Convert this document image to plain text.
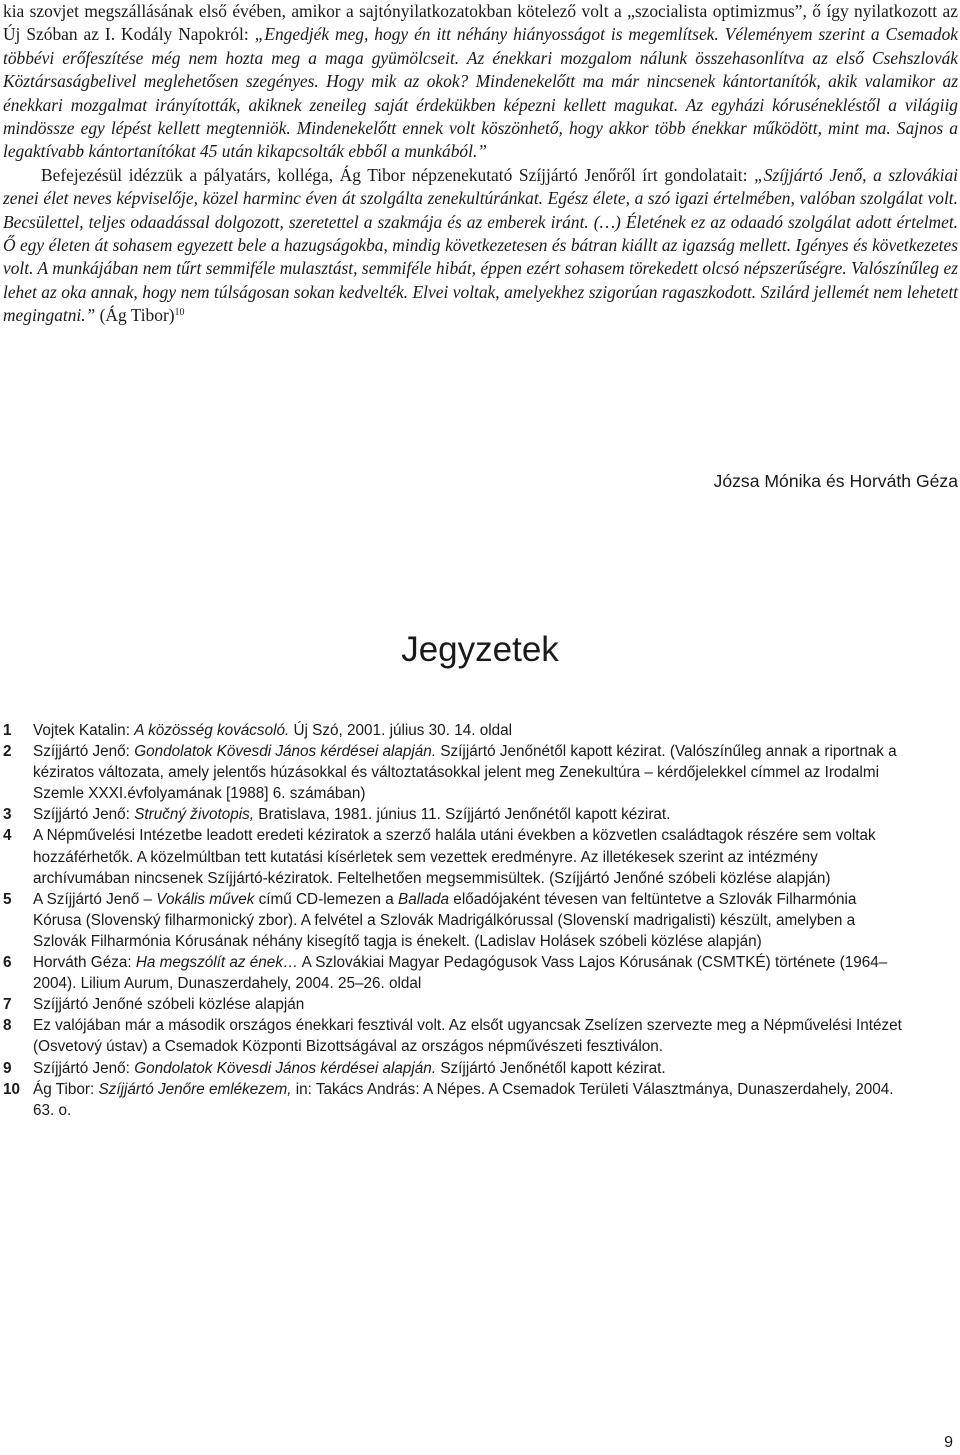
kia szovjet megszállásának első évében, amikor a sajtónyilatkozatokban kötelező volt a „szocialista optimizmus”, ő így nyilatkozott az Új Szóban az I. Kodály Napokról: „Engedjék meg, hogy én itt néhány hiányosságot is megemlítsek. Véleményem szerint a Csemadok többévi erőfeszítése még nem hozta meg a maga gyümölcseit. Az énekkari mozgalom nálunk összehasonlítva az első Csehszlovák Köztársaságbelivel meglehetősen szegényes. Hogy mik az okok? Mindenekelőtt ma már nincsenek kántortanítók, akik valamikor az énekkari mozgalmat irányították, akiknek zeneileg saját érdekükben képezni kellett magukat. Az egyházi kórusénekléstől a világiig mindössze egy lépést kellett megtenniök. Mindenekelőtt ennek volt köszönhető, hogy akkor több énekkar működött, mint ma. Sajnos a legaktívabb kántortanítókat 45 után kikapcsolták ebből a munkából.”

Befejezésül idézzük a pályatárs, kolléga, Ág Tibor népzenekutató Szíjjártó Jenőről írt gondolatait: „Szíjjártó Jenő, a szlovákiai zenei élet neves képviselője, közel harminc éven át szolgálta zenekultúránkat. Egész élete, a szó igazi értelmében, valóban szolgálat volt. Becsülettel, teljes odaadással dolgozott, szeretettel a szakmája és az emberek iránt. (…) Életének ez az odaadó szolgálat adott értelmet. Ő egy életen át sohasem egyezett bele a hazugságokba, mindig következetesen és bátran kiállt az igazság mellett. Igényes és következetes volt. A munkájában nem tűrt semmiféle mulasztást, semmiféle hibát, éppen ezért sohasem törekedett olcsó népszerűségre. Valószínűleg ez lehet az oka annak, hogy nem túlságosan sokan kedvelték. Elvei voltak, amelyekhez szigorúan ragaszkodott. Szilárd jellemét nem lehetett megingatni.” (Ág Tibor)$^{10}$

Józsa Mónika és Horváth Géza
Jegyzetek
1 Vojtek Katalin: A közösség kovácsoló. Új Szó, 2001. július 30. 14. oldal
2 Szíjjártó Jenő: Gondolatok Kövesdi János kérdései alapján. Szíjjártó Jenőnétől kapott kézirat. (Valószínűleg annak a riportnak a kéziratos változata, amely jelentős húzásokkal és változtatásokkal jelent meg Zenekultúra – kérdőjelekkel címmel az Irodalmi Szemle XXXI.évfolyamának [1988] 6. számában)
3 Szíjjártó Jenő: Stručný životopis, Bratislava, 1981. június 11. Szíjjártó Jenőnétől kapott kézirat.
4 A Népművelési Intézetbe leadott eredeti kéziratok a szerző halála utáni években a közvetlen családtagok részére sem voltak hozzáférhetők. A közelmúltban tett kutatási kísérletek sem vezettek eredményre. Az illetékesek szerint az intézmény archívumában nincsenek Szíjjártó-kéziratok. Feltelhetően megsemmisültek. (Szíjjártó Jenőné szóbeli közlése alapján)
5 A Szíjjártó Jenő – Vokális művek című CD-lemezen a Ballada előadójaként tévesen van feltüntetve a Szlovák Filharmónia Kórusa (Slovenský filharmonický zbor). A felvétel a Szlovák Madrigálkórussal (Slovenskí madrigalisti) készült, amelyben a Szlovák Filharmónia Kórusának néhány kisegítő tagja is énekelt. (Ladislav Holásek szóbeli közlése alapján)
6 Horváth Géza: Ha megszólít az ének… A Szlovákiai Magyar Pedagógusok Vass Lajos Kórusának (CSMTKÉ) története (1964–2004). Lilium Aurum, Dunaszerdahely, 2004. 25–26. oldal
7 Szíjjártó Jenőné szóbeli közlése alapján
8 Ez valójában már a második országos énekkari fesztivál volt. Az elsőt ugyancsak Zselízen szervezte meg a Népművelési Intézet (Osvetový ústav) a Csemadok Központi Bizottságával az országos népművészeti fesztiválon.
9 Szíjjártó Jenő: Gondolatok Kövesdi János kérdései alapján. Szíjjártó Jenőnétől kapott kézirat.
10 Ág Tibor: Szíjjártó Jenőre emlékezem, in: Takács András: A Népes. A Csemadok Területi Választmánya, Dunaszerdahely, 2004. 63. o.
9
